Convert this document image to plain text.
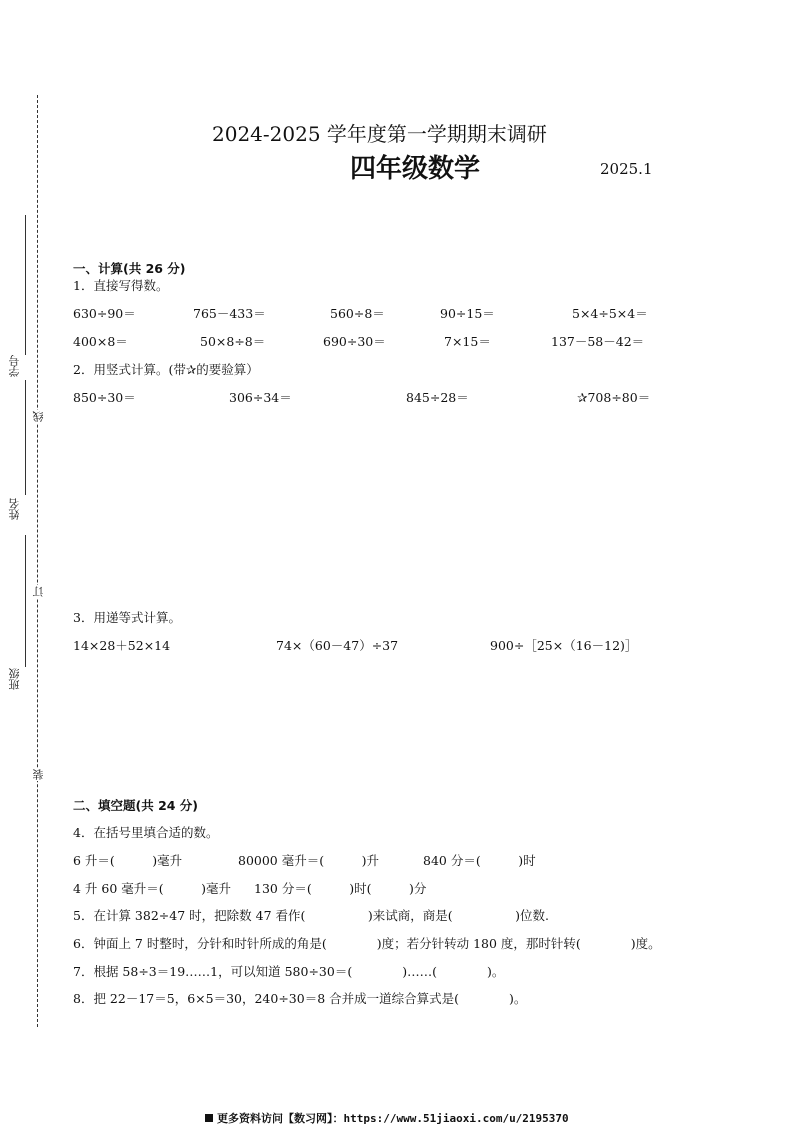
学号
姓名
班级
线
订
装
2024-2025 学年度第一学期期末调研
四年级数学	2025.1
一、计算(共 26 分)
1．直接写得数。
630÷90＝	765－433＝	560÷8＝	90÷15＝	5×4÷5×4＝
400×8＝	50×8÷8＝	690÷30＝	7×15＝	137－58－42＝
2．用竖式计算。(带✰的要验算）
850÷30＝	306÷34＝	845÷28＝	✰708÷80＝
3．用递等式计算。
14×28＋52×14	74×（60－47）÷37	900÷［25×（16－12)］
二、填空题(共 24 分)
4．在括号里填合适的数。
6 升＝(　　　)毫升	80000 毫升＝(　　　)升	840 分＝(　　　)时
4 升 60 毫升＝(　　　)毫升 130 分＝(　　　)时(　　　)分
5．在计算 382÷47 时，把除数 47 看作(　　　　　)来试商，商是(　　　　　)位数.
6．钟面上 7 时整时，分针和时针所成的角是(　　　　)度；若分针转动 180 度，那时针转(　　　　)度。
7．根据 58÷3＝19……1，可以知道 580÷30＝(　　　　)……(　　　　)。
8．把 22－17＝5，6×5＝30，240÷30＝8 合并成一道综合算式是(　　　　)。
更多资料访问【数习网】：https://www.51jiaoxi.com/u/2195370
